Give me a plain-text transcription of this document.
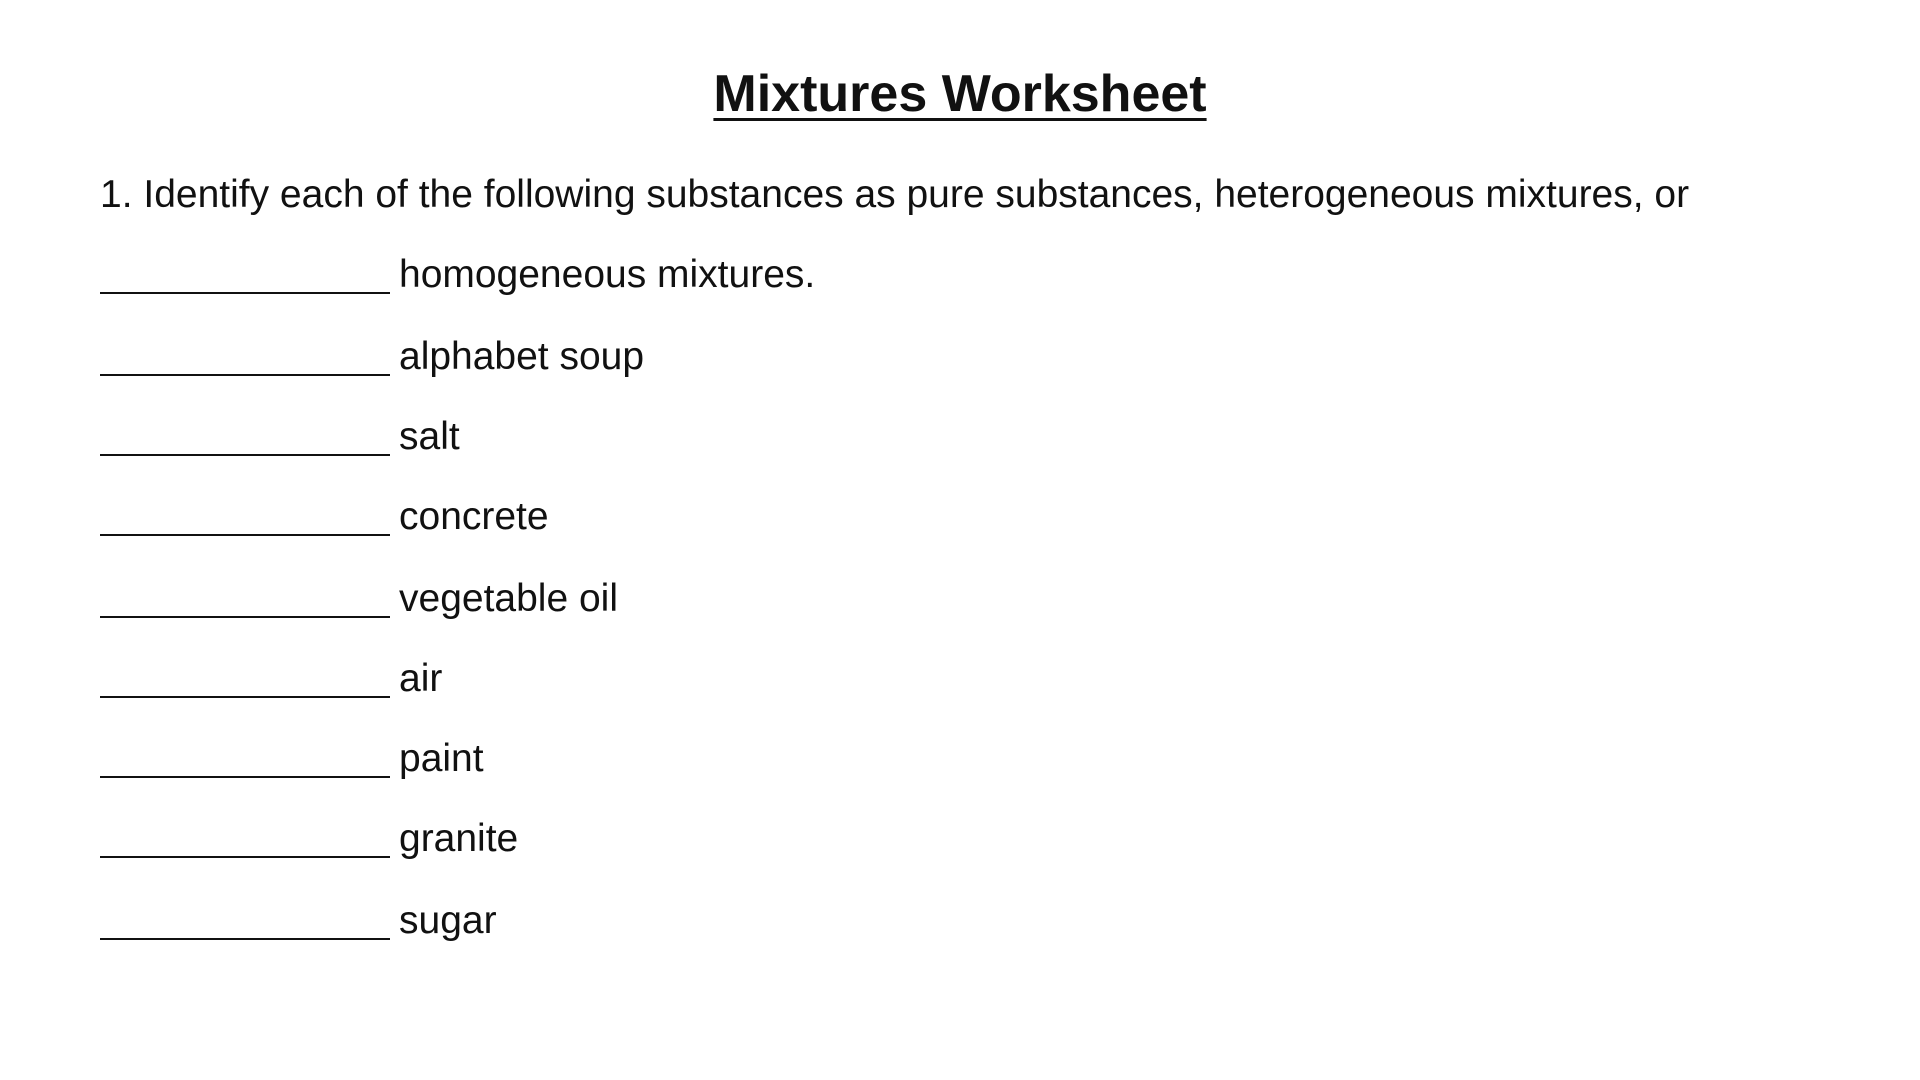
Mixtures Worksheet
1. Identify each of the following substances as pure substances, heterogeneous mixtures, or
homogeneous mixtures.
alphabet soup
salt
concrete
vegetable oil
air
paint
granite
sugar
